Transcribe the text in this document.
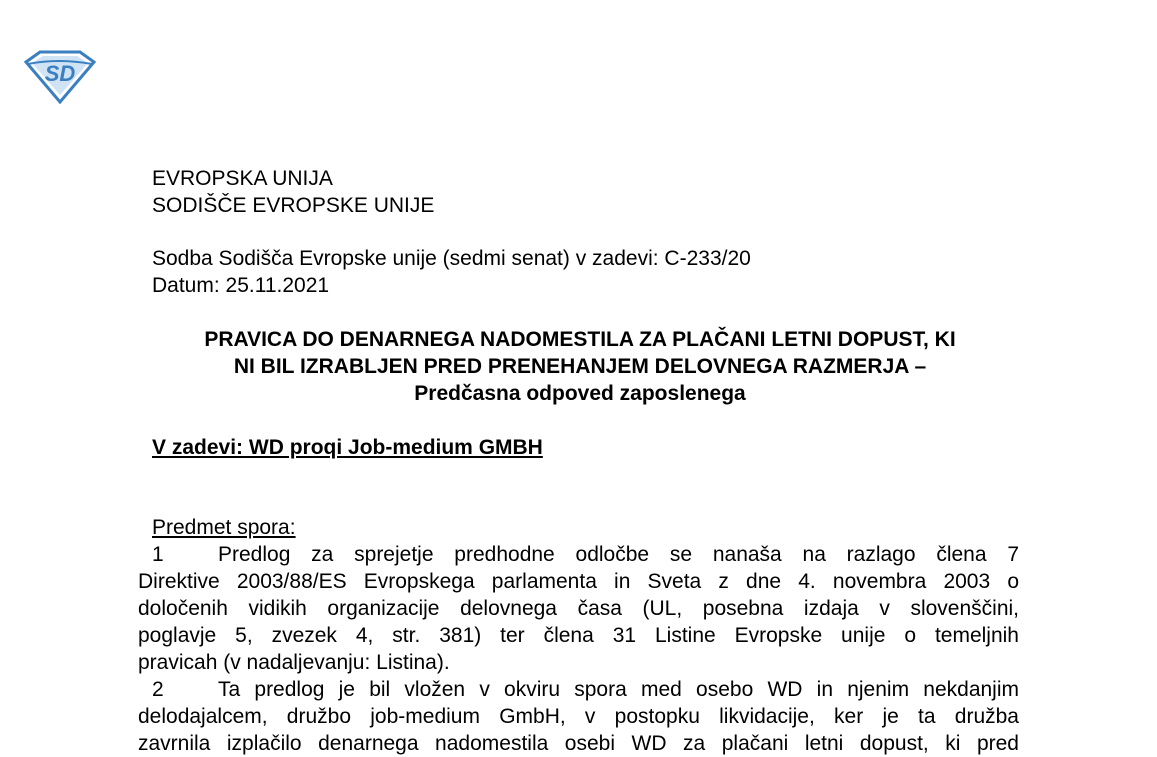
SD
EVROPSKA UNIJA
SODIŠČE EVROPSKE UNIJE
Sodba Sodišča Evropske unije (sedmi senat) v zadevi: C-233/20
Datum: 25.11.2021
PRAVICA DO DENARNEGA NADOMESTILA ZA PLAČANI LETNI DOPUST, KI
NI BIL IZRABLJEN PRED PRENEHANJEM DELOVNEGA RAZMERJA –
Predčasna odpoved zaposlenega
V zadevi: WD proqi Job-medium GMBH
Predmet spora:
1	Predlog za sprejetje predhodne odločbe se nanaša na razlago člena 7
Direktive 2003/88/ES Evropskega parlamenta in Sveta z dne 4. novembra 2003 o
določenih vidikih organizacije delovnega časa (UL, posebna izdaja v slovenščini,
poglavje 5, zvezek 4, str. 381) ter člena 31 Listine Evropske unije o temeljnih
pravicah (v nadaljevanju: Listina).
2	Ta predlog je bil vložen v okviru spora med osebo WD in njenim nekdanjim
delodajalcem, družbo job-medium GmbH, v postopku likvidacije, ker je ta družba
zavrnila izplačilo denarnega nadomestila osebi WD za plačani letni dopust, ki pred
